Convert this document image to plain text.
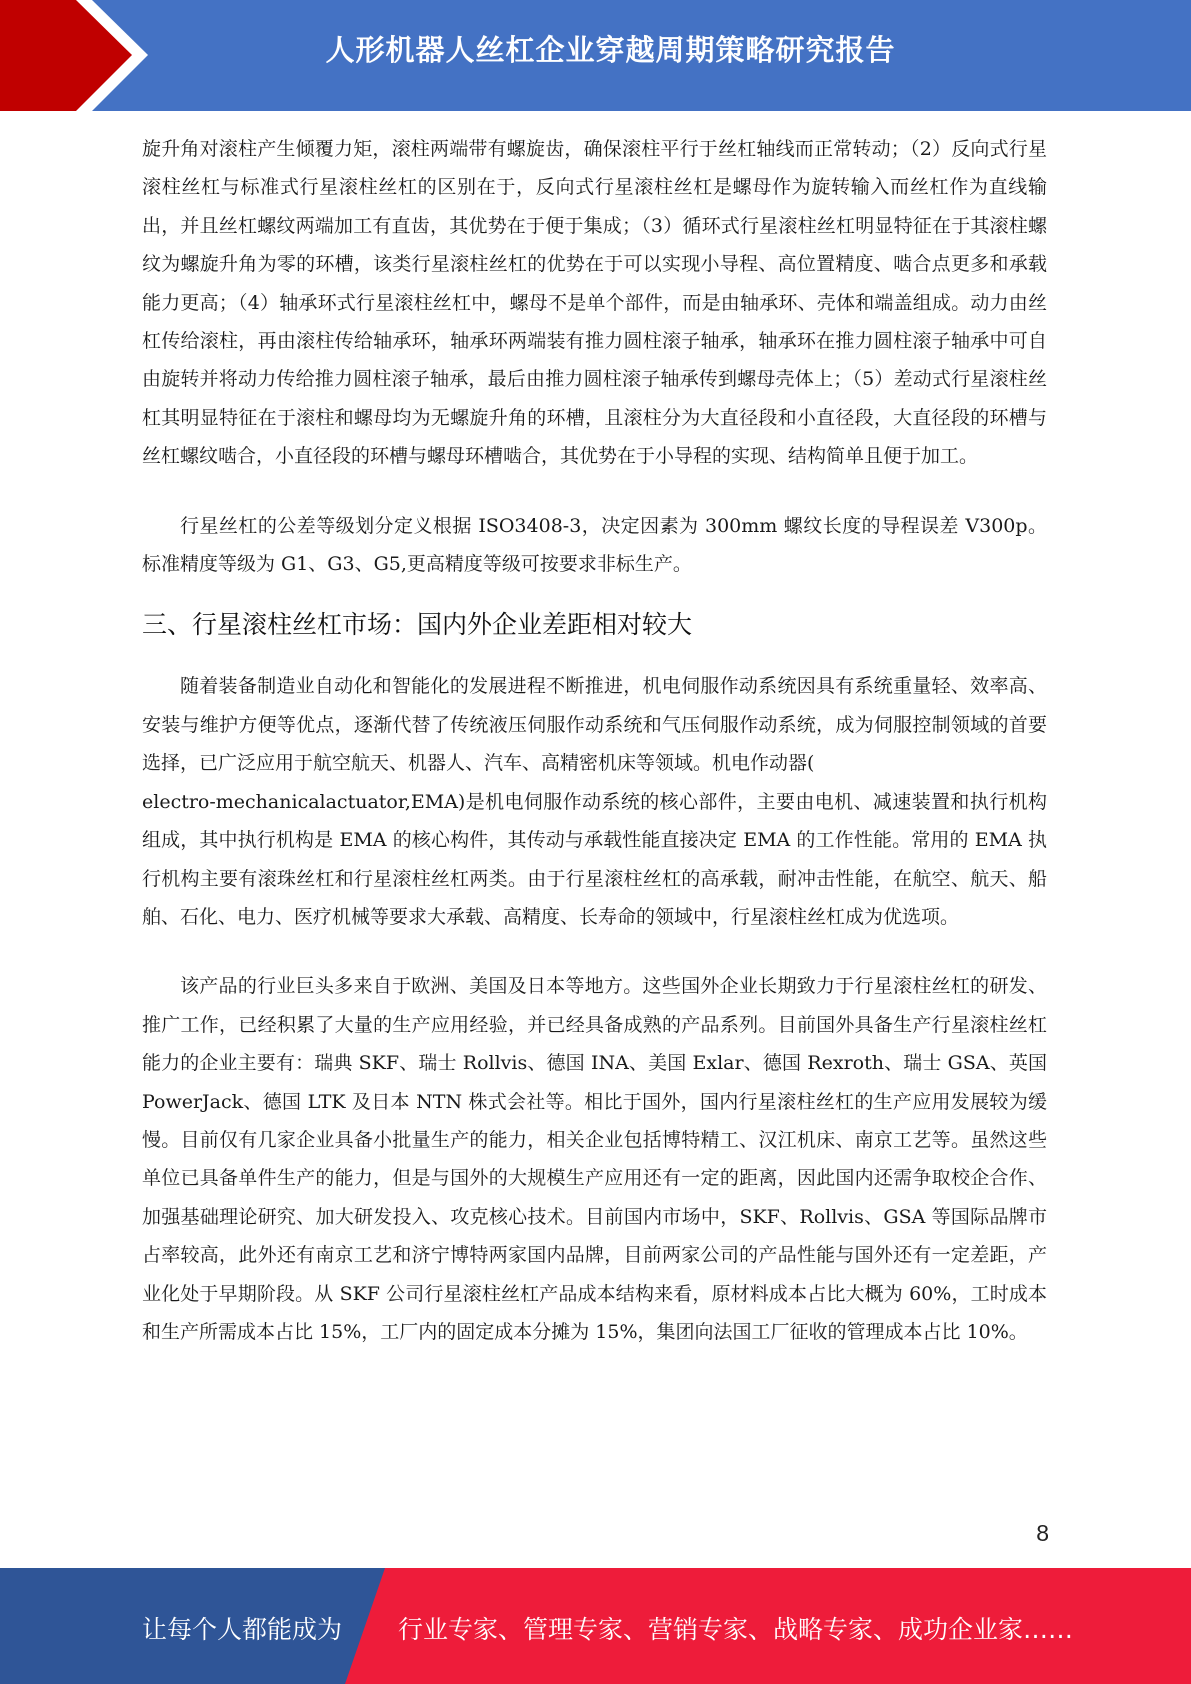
人形机器人丝杠企业穿越周期策略研究报告

旋升角对滚柱产生倾覆力矩，滚柱两端带有螺旋齿，确保滚柱平行于丝杠轴线而正常转动；（2）反向式行星滚柱丝杠与标准式行星滚柱丝杠的区别在于，反向式行星滚柱丝杠是螺母作为旋转输入而丝杠作为直线输出，并且丝杠螺纹两端加工有直齿，其优势在于便于集成；（3）循环式行星滚柱丝杠明显特征在于其滚柱螺纹为螺旋升角为零的环槽，该类行星滚柱丝杠的优势在于可以实现小导程、高位置精度、啮合点更多和承载能力更高；（4）轴承环式行星滚柱丝杠中，螺母不是单个部件，而是由轴承环、壳体和端盖组成。动力由丝杠传给滚柱，再由滚柱传给轴承环，轴承环两端装有推力圆柱滚子轴承，轴承环在推力圆柱滚子轴承中可自由旋转并将动力传给推力圆柱滚子轴承，最后由推力圆柱滚子轴承传到螺母壳体上；（5）差动式行星滚柱丝杠其明显特征在于滚柱和螺母均为无螺旋升角的环槽，且滚柱分为大直径段和小直径段，大直径段的环槽与丝杠螺纹啮合，小直径段的环槽与螺母环槽啮合，其优势在于小导程的实现、结构简单且便于加工。

行星丝杠的公差等级划分定义根据 ISO3408-3，决定因素为 300mm 螺纹长度的导程误差 V300p。标准精度等级为 G1、G3、G5,更高精度等级可按要求非标生产。

三、行星滚柱丝杠市场：国内外企业差距相对较大

随着装备制造业自动化和智能化的发展进程不断推进，机电伺服作动系统因具有系统重量轻、效率高、安装与维护方便等优点，逐渐代替了传统液压伺服作动系统和气压伺服作动系统，成为伺服控制领域的首要选择，已广泛应用于航空航天、机器人、汽车、高精密机床等领域。机电作动器(

electro-mechanicalactuator,EMA)是机电伺服作动系统的核心部件，主要由电机、减速装置和执行机构组成，其中执行机构是 EMA 的核心构件，其传动与承载性能直接决定 EMA 的工作性能。常用的 EMA 执行机构主要有滚珠丝杠和行星滚柱丝杠两类。由于行星滚柱丝杠的高承载，耐冲击性能，在航空、航天、船舶、石化、电力、医疗机械等要求大承载、高精度、长寿命的领域中，行星滚柱丝杠成为优选项。

该产品的行业巨头多来自于欧洲、美国及日本等地方。这些国外企业长期致力于行星滚柱丝杠的研发、推广工作，已经积累了大量的生产应用经验，并已经具备成熟的产品系列。目前国外具备生产行星滚柱丝杠能力的企业主要有：瑞典 SKF、瑞士 Rollvis、德国 INA、美国 Exlar、德国 Rexroth、瑞士 GSA、英国 PowerJack、德国 LTK 及日本 NTN 株式会社等。相比于国外，国内行星滚柱丝杠的生产应用发展较为缓慢。目前仅有几家企业具备小批量生产的能力，相关企业包括博特精工、汉江机床、南京工艺等。虽然这些单位已具备单件生产的能力，但是与国外的大规模生产应用还有一定的距离，因此国内还需争取校企合作、加强基础理论研究、加大研发投入、攻克核心技术。目前国内市场中，SKF、Rollvis、GSA 等国际品牌市占率较高，此外还有南京工艺和济宁博特两家国内品牌，目前两家公司的产品性能与国外还有一定差距，产业化处于早期阶段。从 SKF 公司行星滚柱丝杠产品成本结构来看，原材料成本占比大概为 60%，工时成本和生产所需成本占比 15%，工厂内的固定成本分摊为 15%，集团向法国工厂征收的管理成本占比 10%。

8
让每个人都能成为 行业专家、管理专家、营销专家、战略专家、成功企业家……
